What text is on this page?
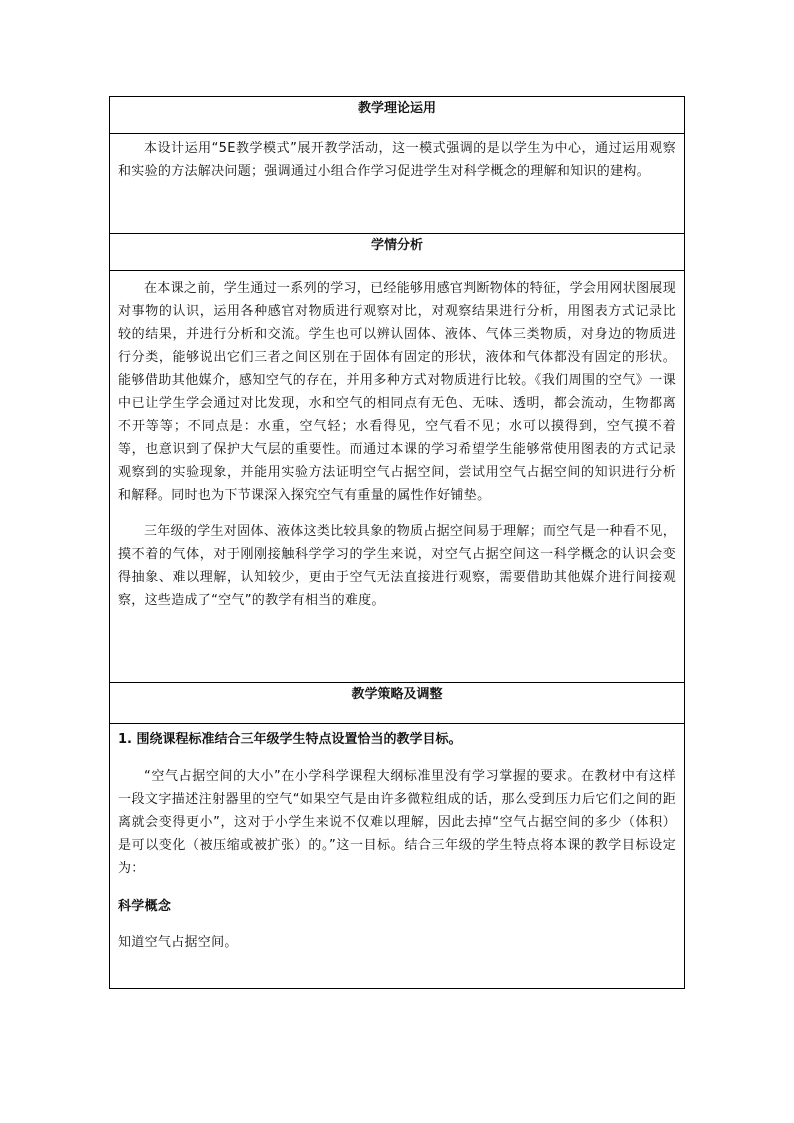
教学理论运用

本设计运用“5E教学模式”展开教学活动，这一模式强调的是以学生为中心，通过运用观察和实验的方法解决问题；强调通过小组合作学习促进学生对科学概念的理解和知识的建构。

学情分析

在本课之前，学生通过一系列的学习，已经能够用感官判断物体的特征，学会用网状图展现对事物的认识，运用各种感官对物质进行观察对比，对观察结果进行分析，用图表方式记录比较的结果，并进行分析和交流。学生也可以辨认固体、液体、气体三类物质，对身边的物质进行分类，能够说出它们三者之间区别在于固体有固定的形状，液体和气体都没有固定的形状。能够借助其他媒介，感知空气的存在，并用多种方式对物质进行比较。《我们周围的空气》一课中已让学生学会通过对比发现，水和空气的相同点有无色、无味、透明，都会流动，生物都离不开等等；不同点是：水重，空气轻；水看得见，空气看不见；水可以摸得到，空气摸不着等，也意识到了保护大气层的重要性。而通过本课的学习希望学生能够常使用图表的方式记录观察到的实验现象，并能用实验方法证明空气占据空间，尝试用空气占据空间的知识进行分析和解释。同时也为下节课深入探究空气有重量的属性作好铺垫。

三年级的学生对固体、液体这类比较具象的物质占据空间易于理解；而空气是一种看不见，摸不着的气体，对于刚刚接触科学学习的学生来说，对空气占据空间这一科学概念的认识会变得抽象、难以理解，认知较少，更由于空气无法直接进行观察，需要借助其他媒介进行间接观察，这些造成了“空气”的教学有相当的难度。

教学策略及调整

1. 围绕课程标准结合三年级学生特点设置恰当的教学目标。

“空气占据空间的大小”在小学科学课程大纲标准里没有学习掌握的要求。在教材中有这样一段文字描述注射器里的空气“如果空气是由许多微粒组成的话，那么受到压力后它们之间的距离就会变得更小”，这对于小学生来说不仅难以理解，因此去掉“空气占据空间的多少（体积）是可以变化（被压缩或被扩张）的。”这一目标。结合三年级的学生特点将本课的教学目标设定为：

科学概念

知道空气占据空间。
